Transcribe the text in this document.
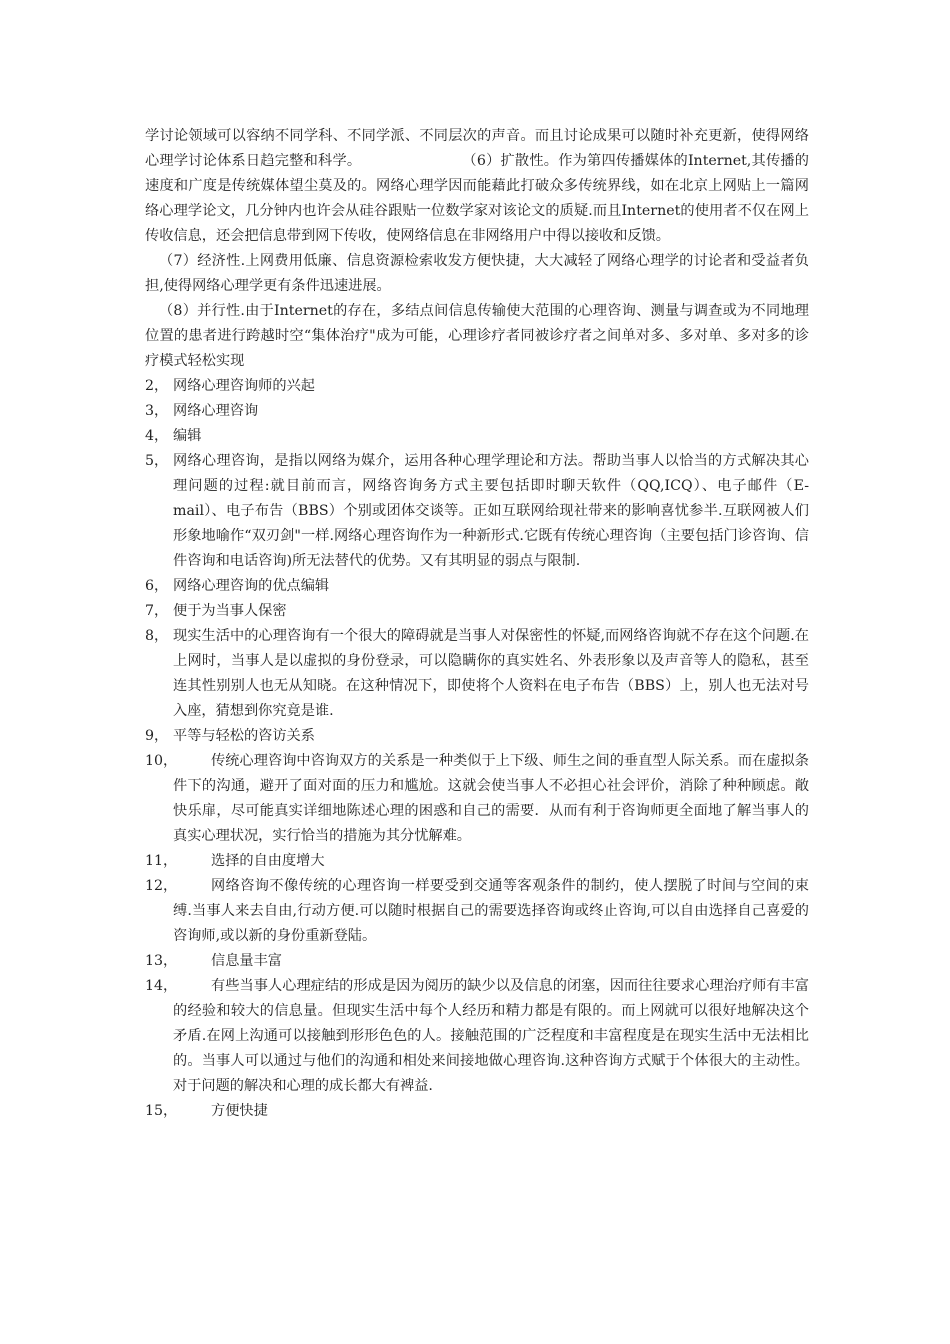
学讨论领域可以容纳不同学科、不同学派、不同层次的声音。而且讨论成果可以随时补充更新，使得网络心理学讨论体系日趋完整和科学。　　　　　　　　（6）扩散性。作为第四传播媒体的Internet,其传播的速度和广度是传统媒体望尘莫及的。网络心理学因而能藉此打破众多传统界线，如在北京上网贴上一篇网络心理学论文，几分钟内也许会从硅谷跟贴一位数学家对该论文的质疑.而且Internet的使用者不仅在网上传收信息，还会把信息带到网下传收，使网络信息在非网络用户中得以接收和反馈。

（7）经济性.上网费用低廉、信息资源检索收发方便快捷，大大减轻了网络心理学的讨论者和受益者负担,使得网络心理学更有条件迅速进展。

（8）并行性.由于Internet的存在，多结点间信息传输使大范围的心理咨询、测量与调查或为不同地理位置的患者进行跨越时空“集体治疗"成为可能，心理诊疗者同被诊疗者之间单对多、多对单、多对多的诊疗模式轻松实现

2， 网络心理咨询师的兴起
3， 网络心理咨询
4， 编辑
5， 网络心理咨询，是指以网络为媒介，运用各种心理学理论和方法。帮助当事人以恰当的方式解决其心理问题的过程:就目前而言，网络咨询务方式主要包括即时聊天软件（QQ,ICQ）、电子邮件（E-mail）、电子布告（BBS）个别或团体交谈等。正如互联网给现社带来的影响喜忧参半.互联网被人们形象地喻作“双刃剑"一样.网络心理咨询作为一种新形式.它既有传统心理咨询（主要包括门诊咨询、信件咨询和电话咨询)所无法替代的优势。又有其明显的弱点与限制.
6， 网络心理咨询的优点编辑
7， 便于为当事人保密
8， 现实生活中的心理咨询有一个很大的障碍就是当事人对保密性的怀疑,而网络咨询就不存在这个问题.在上网时，当事人是以虚拟的身份登录，可以隐瞒你的真实姓名、外表形象以及声音等人的隐私，甚至连其性别别人也无从知晓。在这种情况下，即使将个人资料在电子布告（BBS）上，别人也无法对号入座，猜想到你究竟是谁.
9， 平等与轻松的咨访关系
10，	传统心理咨询中咨询双方的关系是一种类似于上下级、师生之间的垂直型人际关系。而在虚拟条件下的沟通，避开了面对面的压力和尴尬。这就会使当事人不必担心社会评价，消除了种种顾虑。敞快乐扉，尽可能真实详细地陈述心理的困惑和自己的需要．从而有利于咨询师更全面地了解当事人的真实心理状况，实行恰当的措施为其分忧解难。
11，	选择的自由度增大
12，	网络咨询不像传统的心理咨询一样要受到交通等客观条件的制约，使人摆脱了时间与空间的束缚.当事人来去自由,行动方便.可以随时根据自己的需要选择咨询或终止咨询,可以自由选择自己喜爱的咨询师,或以新的身份重新登陆。
13，	信息量丰富
14，	有些当事人心理症结的形成是因为阅历的缺少以及信息的闭塞，因而往往要求心理治疗师有丰富的经验和较大的信息量。但现实生活中每个人经历和精力都是有限的。而上网就可以很好地解决这个矛盾.在网上沟通可以接触到形形色色的人。接触范围的广泛程度和丰富程度是在现实生活中无法相比的。当事人可以通过与他们的沟通和相处来间接地做心理咨询.这种咨询方式赋于个体很大的主动性。对于问题的解决和心理的成长都大有裨益.
15，	方便快捷
